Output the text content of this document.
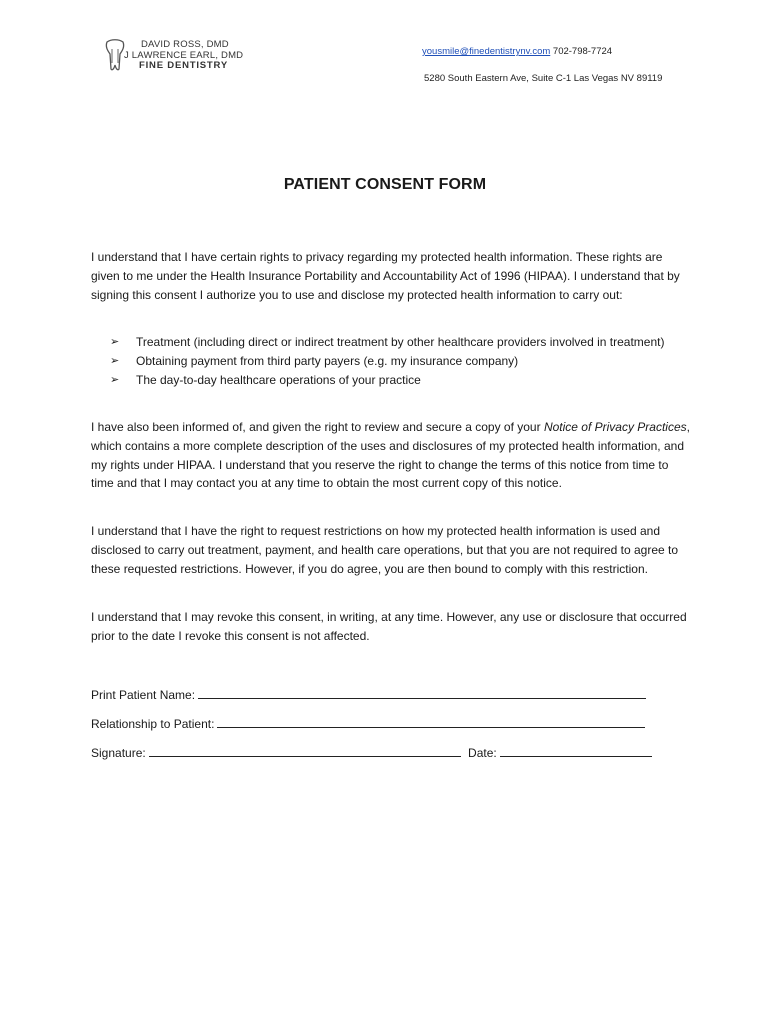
DAVID ROSS, DMD
J LAWRENCE EARL, DMD
FINE DENTISTRY
yousmile@finedentistrynv.com 702-798-7724
5280 South Eastern Ave, Suite C-1 Las Vegas NV 89119
PATIENT CONSENT FORM
I understand that I have certain rights to privacy regarding my protected health information. These rights are given to me under the Health Insurance Portability and Accountability Act of 1996 (HIPAA). I understand that by signing this consent I authorize you to use and disclose my protected health information to carry out:
➢ Treatment (including direct or indirect treatment by other healthcare providers involved in treatment)
➢ Obtaining payment from third party payers (e.g. my insurance company)
➢ The day-to-day healthcare operations of your practice
I have also been informed of, and given the right to review and secure a copy of your Notice of Privacy Practices, which contains a more complete description of the uses and disclosures of my protected health information, and my rights under HIPAA. I understand that you reserve the right to change the terms of this notice from time to time and that I may contact you at any time to obtain the most current copy of this notice.
I understand that I have the right to request restrictions on how my protected health information is used and disclosed to carry out treatment, payment, and health care operations, but that you are not required to agree to these requested restrictions. However, if you do agree, you are then bound to comply with this restriction.
I understand that I may revoke this consent, in writing, at any time. However, any use or disclosure that occurred prior to the date I revoke this consent is not affected.
Print Patient Name:
Relationship to Patient:
Signature:	Date:
